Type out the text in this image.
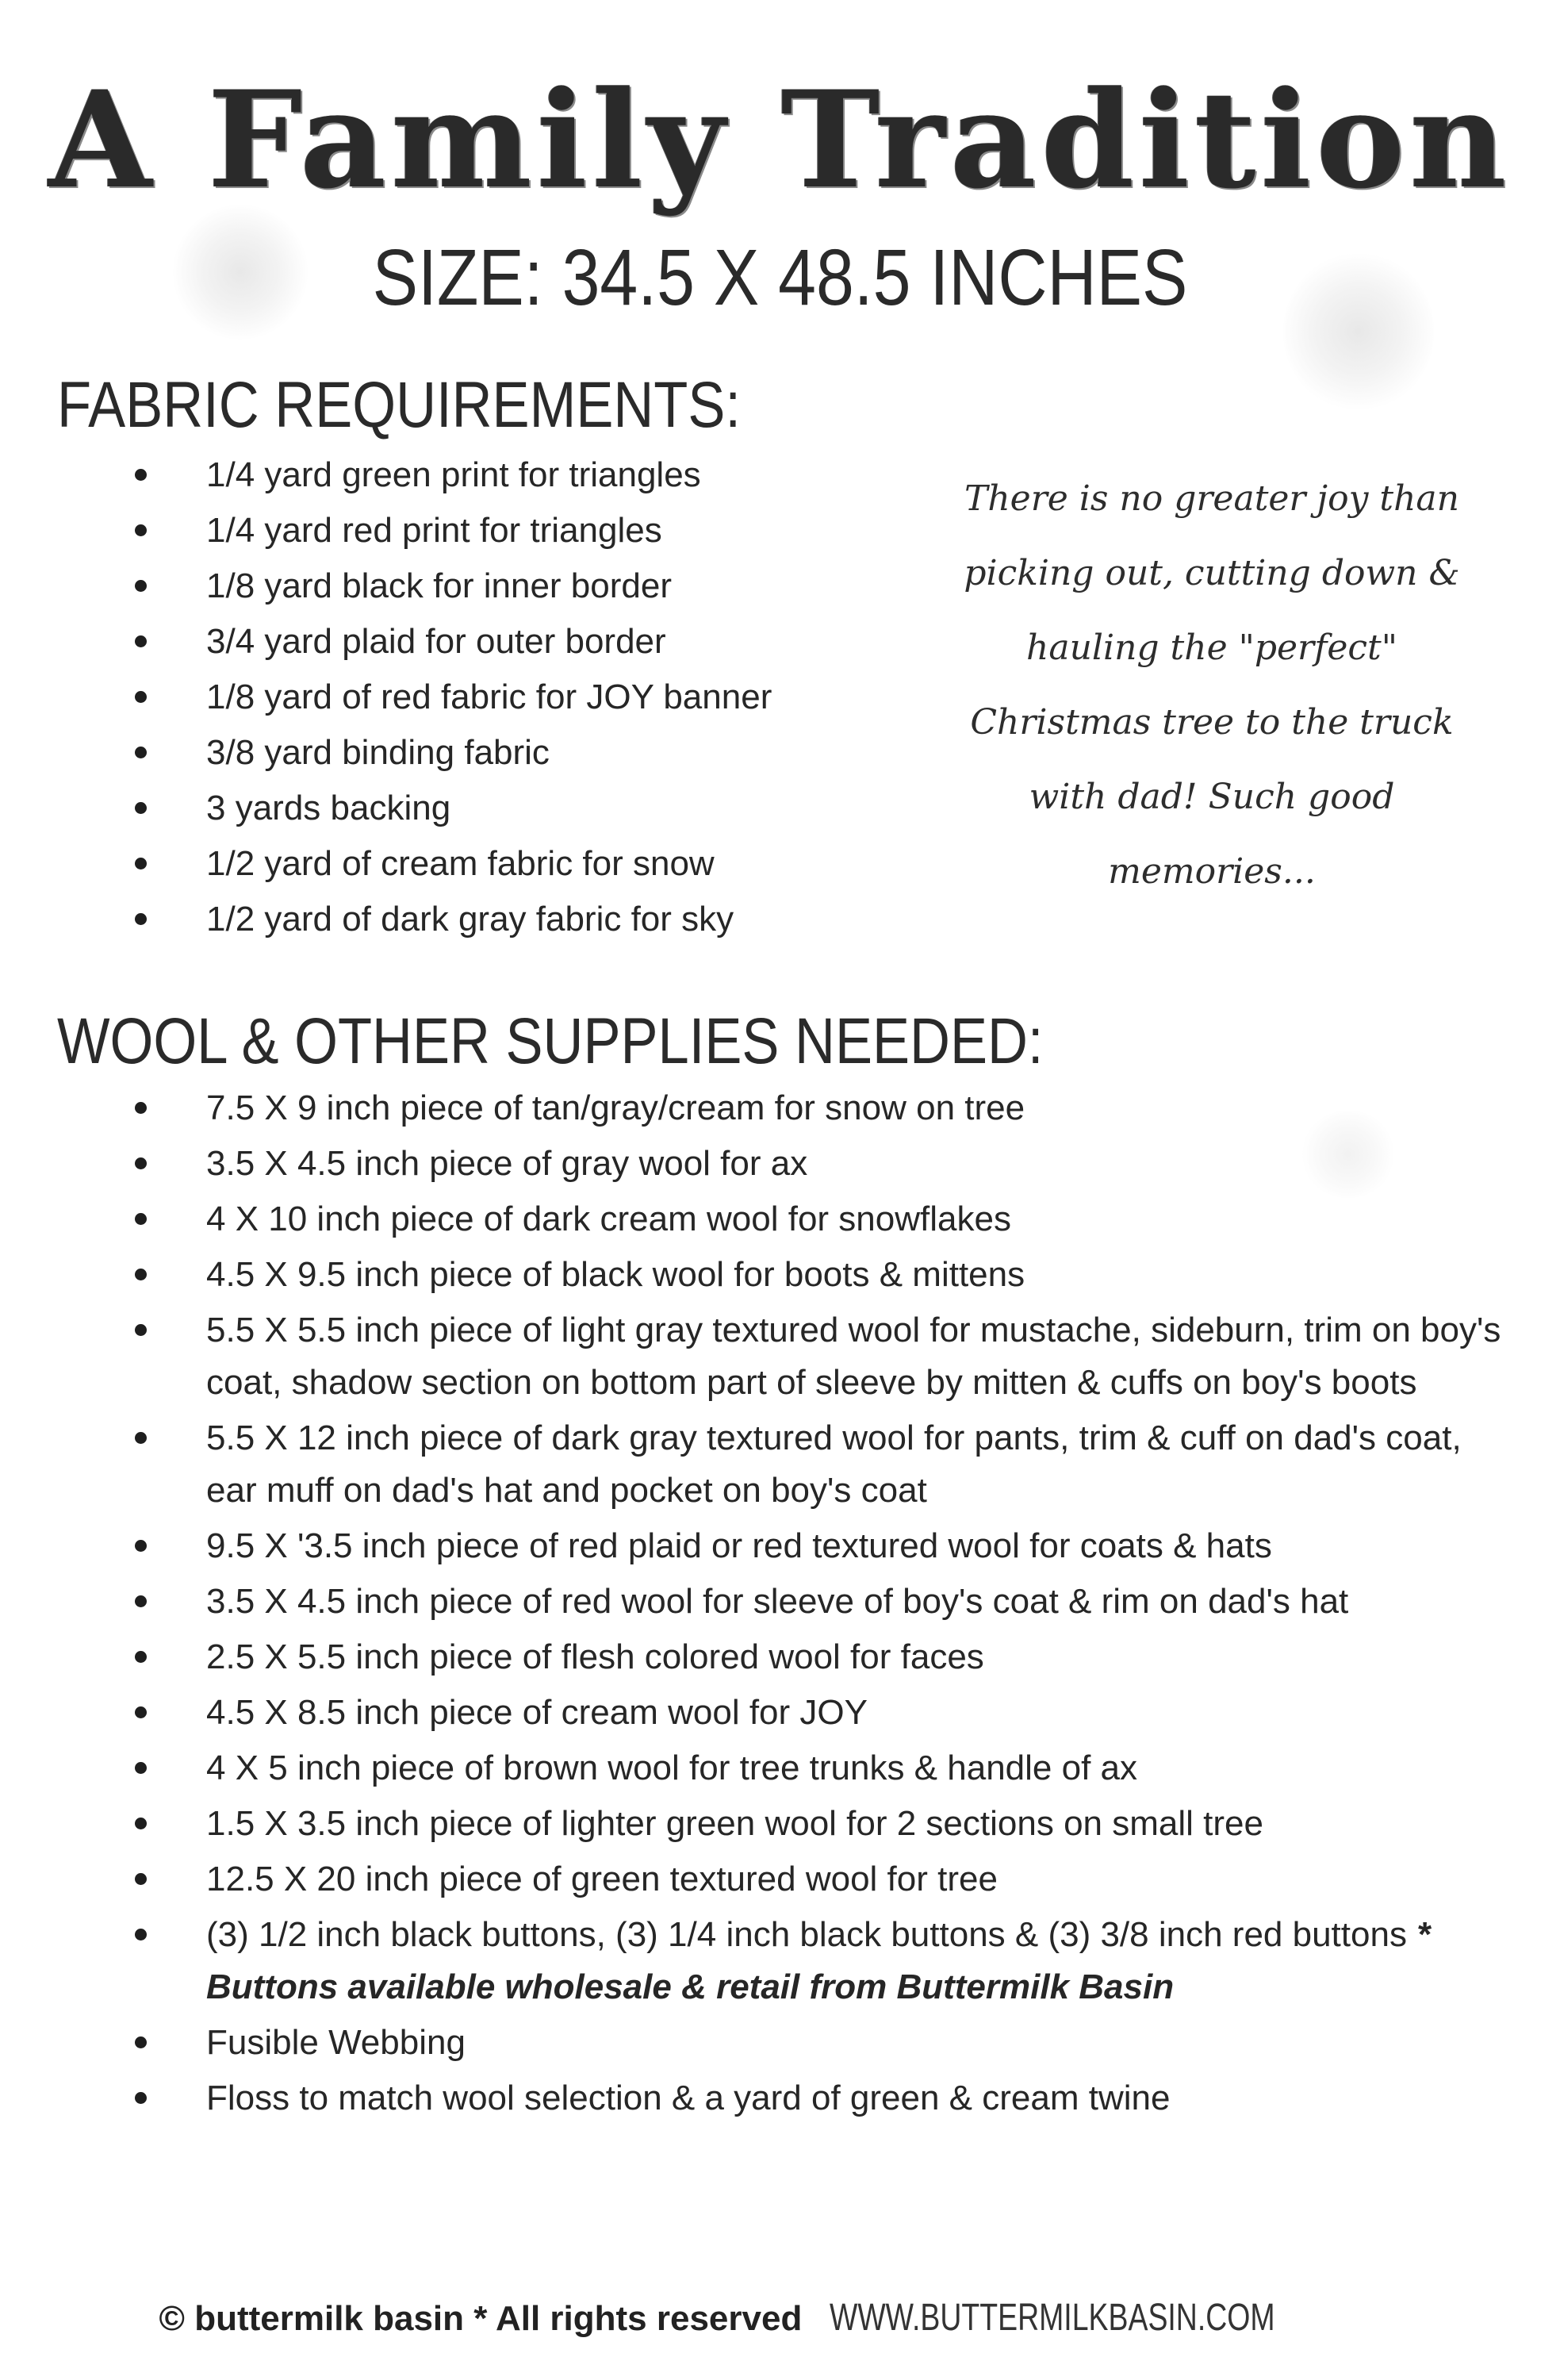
A Family Tradition
SIZE: 34.5 X 48.5 INCHES
FABRIC REQUIREMENTS:
1/4 yard green print for triangles
1/4 yard red print for triangles
1/8 yard black for inner border
3/4 yard plaid for outer border
1/8 yard of red fabric for JOY banner
3/8 yard binding fabric
3 yards backing
1/2 yard of cream fabric for snow
1/2 yard of dark gray fabric for sky
There is no greater joy than picking out, cutting down & hauling the "perfect" Christmas tree to the truck with dad! Such good memories...
WOOL & OTHER SUPPLIES NEEDED:
7.5 X 9 inch piece of tan/gray/cream for snow on tree
3.5 X 4.5 inch piece of gray wool for ax
4 X 10 inch piece of dark cream wool for snowflakes
4.5 X 9.5 inch piece of black wool for boots & mittens
5.5 X 5.5 inch piece of light gray textured wool for mustache, sideburn, trim on boy's coat, shadow section on bottom part of sleeve by mitten & cuffs on boy's boots
5.5 X 12 inch piece of dark gray textured wool for pants, trim & cuff on dad's coat, ear muff on dad's hat and pocket on boy's coat
9.5 X '3.5 inch piece of red plaid or red textured wool for coats & hats
3.5 X 4.5 inch piece of red wool for sleeve of boy's coat & rim on dad's hat
2.5 X 5.5 inch piece of flesh colored wool for faces
4.5 X 8.5 inch piece of cream wool for JOY
4 X 5 inch piece of brown wool for tree trunks & handle of ax
1.5 X 3.5 inch piece of lighter green wool for 2 sections on small tree
12.5 X 20 inch piece of green textured wool for tree
(3) 1/2 inch black buttons, (3) 1/4 inch black buttons & (3) 3/8 inch red buttons * Buttons available wholesale & retail from Buttermilk Basin
Fusible Webbing
Floss to match wool selection & a yard of green & cream twine
© buttermilk basin * All rights reserved WWW.BUTTERMILKBASIN.COM
